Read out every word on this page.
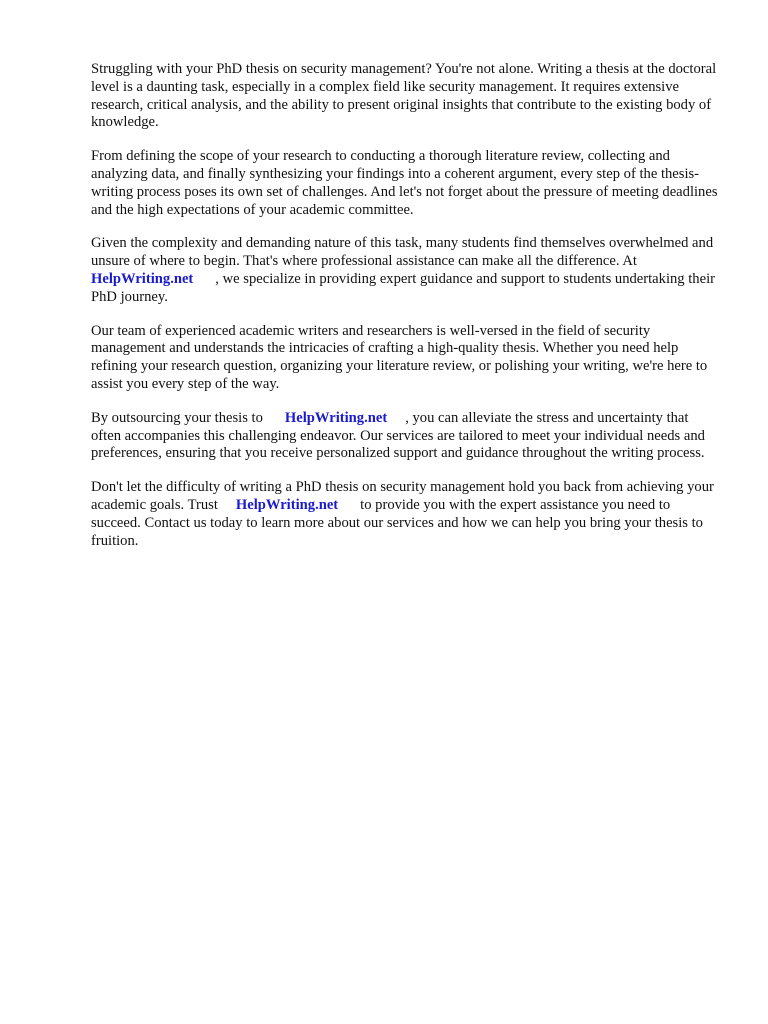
Struggling with your PhD thesis on security management? You're not alone. Writing a thesis at the doctoral level is a daunting task, especially in a complex field like security management. It requires extensive research, critical analysis, and the ability to present original insights that contribute to the existing body of knowledge.

From defining the scope of your research to conducting a thorough literature review, collecting and analyzing data, and finally synthesizing your findings into a coherent argument, every step of the thesis-writing process poses its own set of challenges. And let's not forget about the pressure of meeting deadlines and the high expectations of your academic committee.

Given the complexity and demanding nature of this task, many students find themselves overwhelmed and unsure of where to begin. That's where professional assistance can make all the difference. AtHelpWriting.net , we specialize in providing expert guidance and support to students undertaking their PhD journey.

Our team of experienced academic writers and researchers is well-versed in the field of security management and understands the intricacies of crafting a high-quality thesis. Whether you need help refining your research question, organizing your literature review, or polishing your writing, we're here to assist you every step of the way.

By outsourcing your thesis to HelpWriting.net , you can alleviate the stress and uncertainty that often accompanies this challenging endeavor. Our services are tailored to meet your individual needs and preferences, ensuring that you receive personalized support and guidance throughout the writing process.

Don't let the difficulty of writing a PhD thesis on security management hold you back from achieving your academic goals. Trust HelpWriting.net to provide you with the expert assistance you need to succeed. Contact us today to learn more about our services and how we can help you bring your thesis to fruition.
